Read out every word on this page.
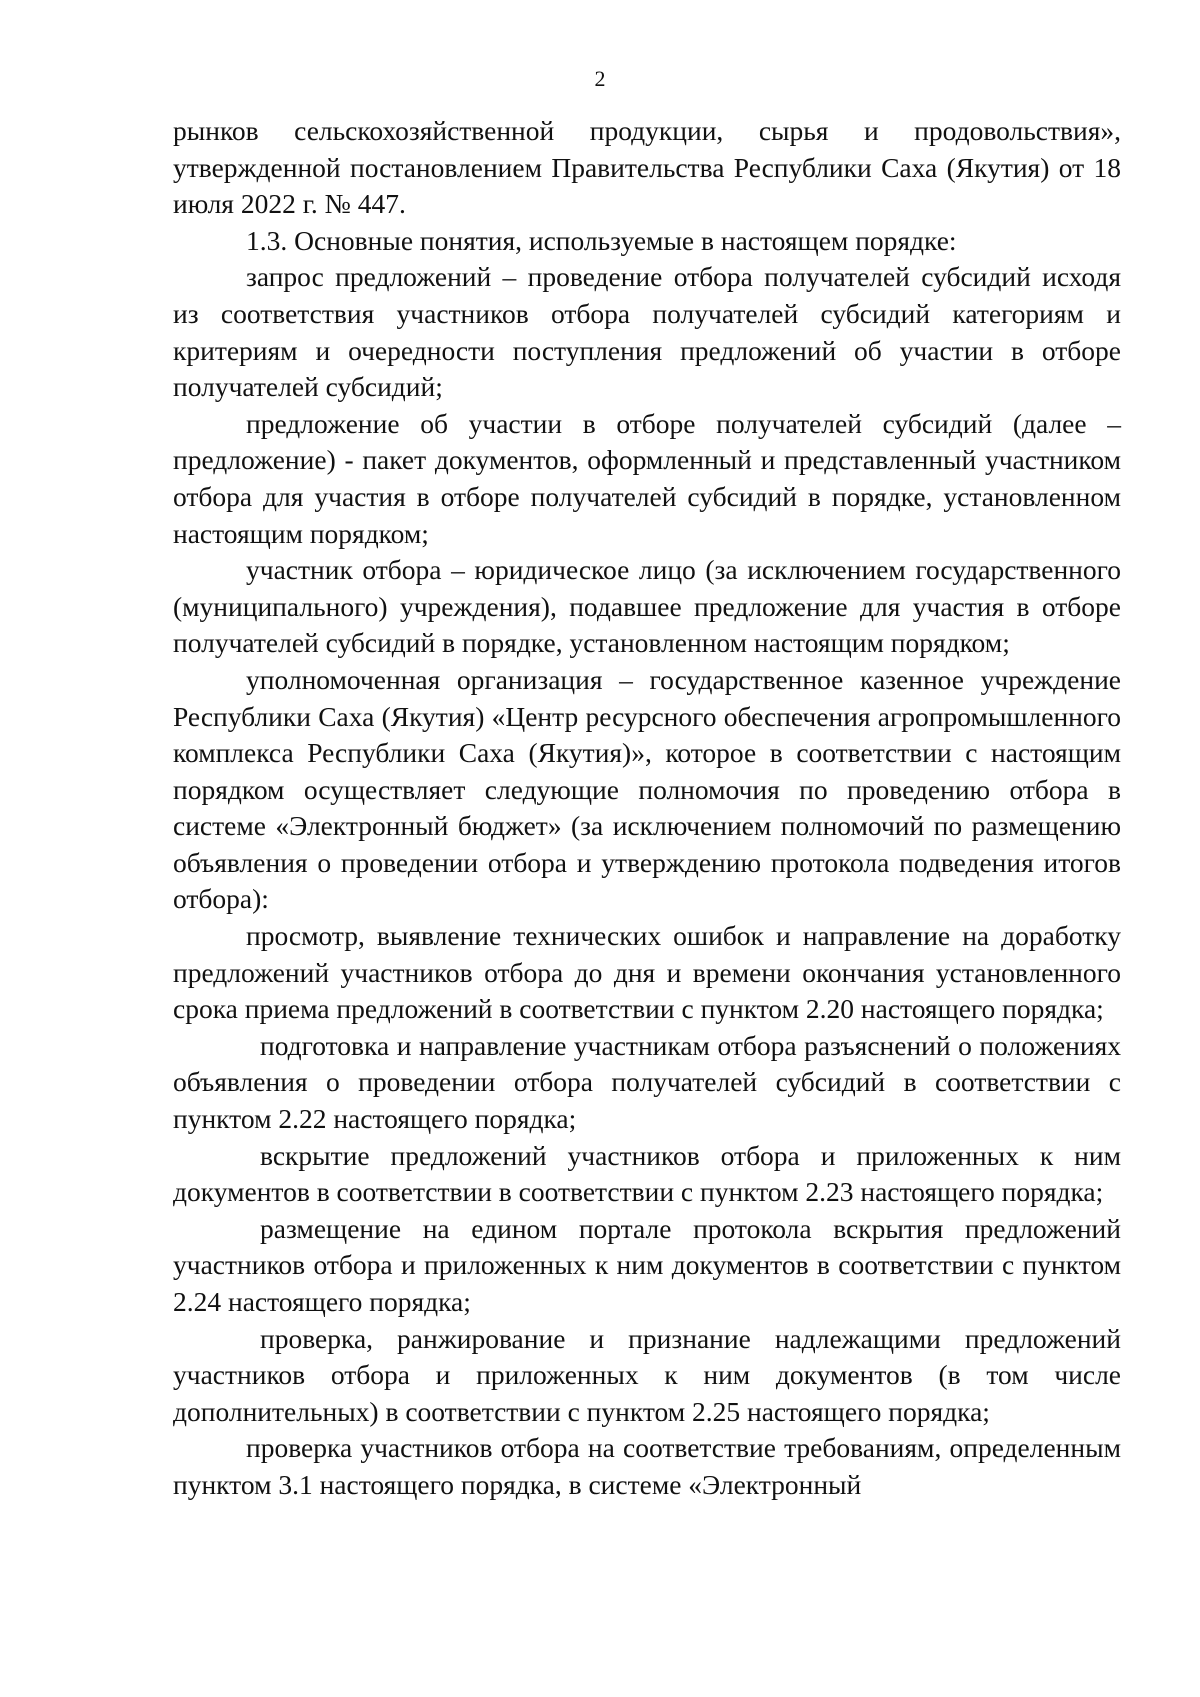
2

рынков сельскохозяйственной продукции, сырья и продовольствия», утвержденной постановлением Правительства Республики Саха (Якутия) от 18 июля 2022 г. № 447.

1.3. Основные понятия, используемые в настоящем порядке:

запрос предложений – проведение отбора получателей субсидий исходя из соответствия участников отбора получателей субсидий категориям и критериям и очередности поступления предложений об участии в отборе получателей субсидий;

предложение об участии в отборе получателей субсидий (далее – предложение) - пакет документов, оформленный и представленный участником отбора для участия в отборе получателей субсидий в порядке, установленном настоящим порядком;

участник отбора – юридическое лицо (за исключением государственного (муниципального) учреждения), подавшее предложение для участия в отборе получателей субсидий в порядке, установленном настоящим порядком;

уполномоченная организация – государственное казенное учреждение Республики Саха (Якутия) «Центр ресурсного обеспечения агропромышленного комплекса Республики Саха (Якутия)», которое в соответствии с настоящим порядком осуществляет следующие полномочия по проведению отбора в системе «Электронный бюджет» (за исключением полномочий по размещению объявления о проведении отбора и утверждению протокола подведения итогов отбора):

просмотр, выявление технических ошибок и направление на доработку предложений участников отбора до дня и времени окончания установленного срока приема предложений в соответствии с пунктом 2.20 настоящего порядка;

подготовка и направление участникам отбора разъяснений о положениях объявления о проведении отбора получателей субсидий в соответствии с пунктом 2.22 настоящего порядка;

вскрытие предложений участников отбора и приложенных к ним документов в соответствии в соответствии с пунктом 2.23 настоящего порядка;

размещение на едином портале протокола вскрытия предложений участников отбора и приложенных к ним документов в соответствии с пунктом 2.24 настоящего порядка;

проверка, ранжирование и признание надлежащими предложений участников отбора и приложенных к ним документов (в том числе дополнительных) в соответствии с пунктом 2.25 настоящего порядка;

проверка участников отбора на соответствие требованиям, определенным пунктом 3.1 настоящего порядка, в системе «Электронный
